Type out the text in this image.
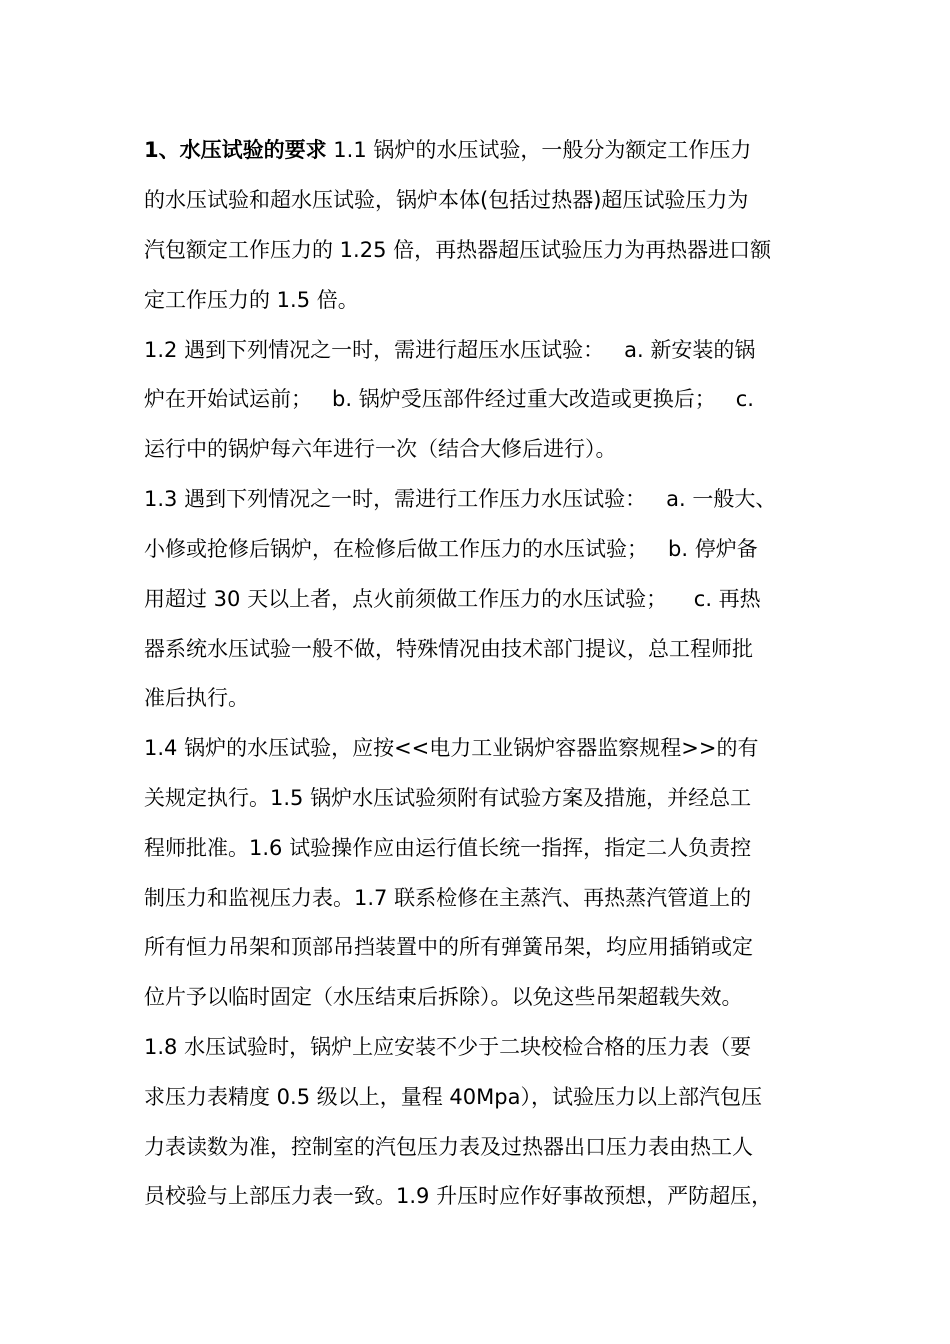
1、水压试验的要求 1.1 锅炉的水压试验，一般分为额定工作压力
的水压试验和超水压试验，锅炉本体(包括过热器)超压试验压力为
汽包额定工作压力的 1.25 倍，再热器超压试验压力为再热器进口额
定工作压力的 1.5 倍。
1.2 遇到下列情况之一时，需进行超压水压试验：   a. 新安装的锅
炉在开始试运前；   b. 锅炉受压部件经过重大改造或更换后；   c.
运行中的锅炉每六年进行一次（结合大修后进行）。
1.3 遇到下列情况之一时，需进行工作压力水压试验：   a. 一般大、
小修或抢修后锅炉，在检修后做工作压力的水压试验；   b. 停炉备
用超过 30 天以上者，点火前须做工作压力的水压试验；    c. 再热
器系统水压试验一般不做，特殊情况由技术部门提议，总工程师批
准后执行。
1.4 锅炉的水压试验，应按<<电力工业锅炉容器监察规程>>的有
关规定执行。1.5 锅炉水压试验须附有试验方案及措施，并经总工
程师批准。1.6 试验操作应由运行值长统一指挥，指定二人负责控
制压力和监视压力表。1.7 联系检修在主蒸汽、再热蒸汽管道上的
所有恒力吊架和顶部吊挡装置中的所有弹簧吊架，均应用插销或定
位片予以临时固定（水压结束后拆除）。以免这些吊架超载失效。
1.8 水压试验时，锅炉上应安装不少于二块校检合格的压力表（要
求压力表精度 0.5 级以上，量程 40Mpa），试验压力以上部汽包压
力表读数为准，控制室的汽包压力表及过热器出口压力表由热工人
员校验与上部压力表一致。1.9 升压时应作好事故预想，严防超压，
